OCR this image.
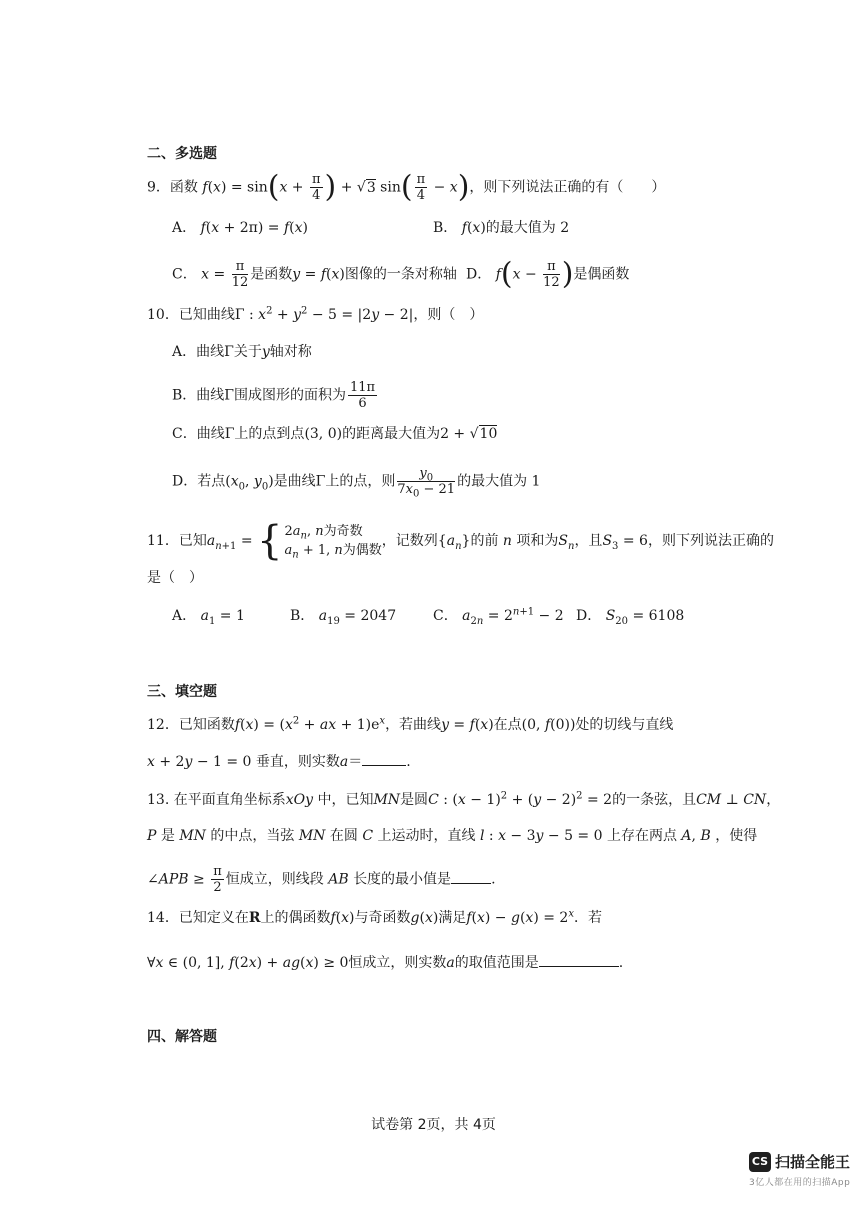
二、多选题
9．函数 $f(x) = \sin(x + \frac{\pi}{4}$ ) + √3 $\sin( \frac{\pi}{4} - x)$，则下列说法正确的有（　　）
A． f(x + 2π) = f(x)	B． f(x)的最大值为 2
C． $x = \frac{\pi}{12}$ 是函数y = f(x)图像的一条对称轴 D． $f(x - \frac{\pi}{12}$ )是偶函数
10．已知曲线Γ : $x^2 + y^2 - 5 = |2y - 2|$，则（　）
A．曲线Γ关于y轴对称
B．曲线Γ围成图形的面积为 $\frac{11\pi}{6}$
C．曲线Γ上的点到点(3, 0)的距离最大值为2 + √10
D．若点($x_0$, $y_0$)是曲线Γ上的点，则 $\frac{y_0}{7x_0 - 21}$ 的最大值为 1
11．已知$a_{n+1}$ = { $2a_n$, n为奇数
$a_n + 1$, n为偶数
，记数列$\{a_n\}$的前 n 项和为$S_n$，且$S_3 = 6$，则下列说法正确的
是（　）
A． $a_1 = 1$	B． $a_{19} = 2047$	C． $a_{2n} = 2^{n+1} - 2$ D． $S_{20} = 6108$
三、填空题
12．已知函数$f(x) = (x^2$ + ax + $1)e^x$，若曲线y = f(x)在点(0, f(0))处的切线与直线
x + 2y − 1 = 0 垂直，则实数a＝	.
13. 在平面直角坐标系xOy 中，已知MN是圆C : $(x - 1)^2 + (y - 2)^2 = 2$的一条弦，且CM ⊥ CN，
P 是 MN 的中点，当弦 MN 在圆 C 上运动时，直线 l : x − 3y − 5 = 0 上存在两点 A, B ，使得
∠APB ≥ $\frac{\pi}{2}$ 恒成立，则线段 AB 长度的最小值是	.
14．已知定义在R上的偶函数f(x)与奇函数g(x)满足$f(x) - g(x) = 2^x$．若
∀x ∈ (0, 1], f(2x) + ag(x) ≥ 0恒成立，则实数a的取值范围是	.
四、解答题
试卷第 2页，共 4页
CS 扫描全能王
3亿人都在用的扫描App
